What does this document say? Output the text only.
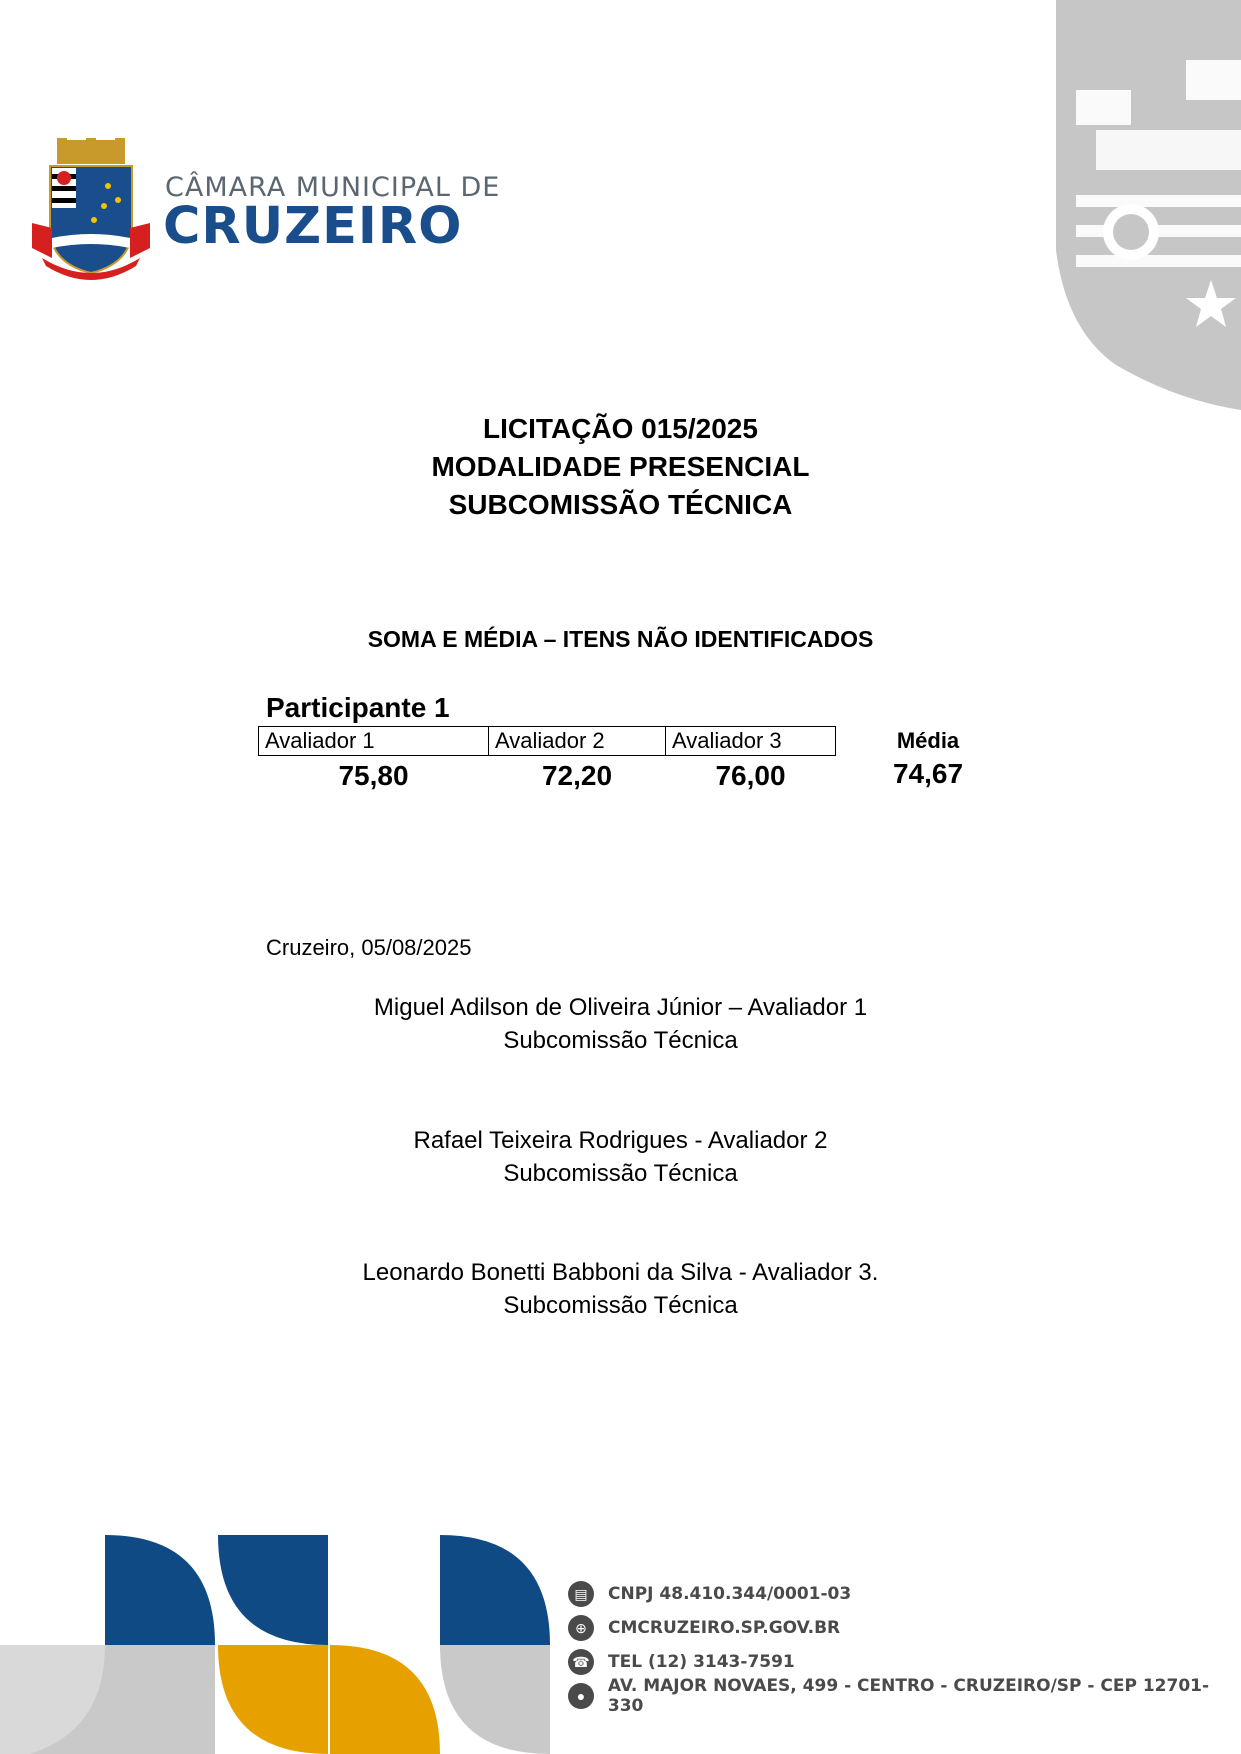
CÂMARA MUNICIPAL DE
CRUZEIRO
LICITAÇÃO 015/2025
MODALIDADE PRESENCIAL
SUBCOMISSÃO TÉCNICA
SOMA E MÉDIA – ITENS NÃO IDENTIFICADOS
Participante 1
Avaliador 1	Avaliador 2	Avaliador 3
75,80	72,20	76,00
Média
74,67
Cruzeiro, 05/08/2025
Miguel Adilson de Oliveira Júnior – Avaliador 1
Subcomissão Técnica
Rafael Teixeira Rodrigues - Avaliador 2
Subcomissão Técnica
Leonardo Bonetti Babboni da Silva - Avaliador 3.
Subcomissão Técnica
▤	CNPJ 48.410.344/0001-03
⊕	CMCRUZEIRO.SP.GOV.BR
☎ TEL (12) 3143-7591
●	AV. MAJOR NOVAES, 499 - CENTRO - CRUZEIRO/SP - CEP 12701-330
